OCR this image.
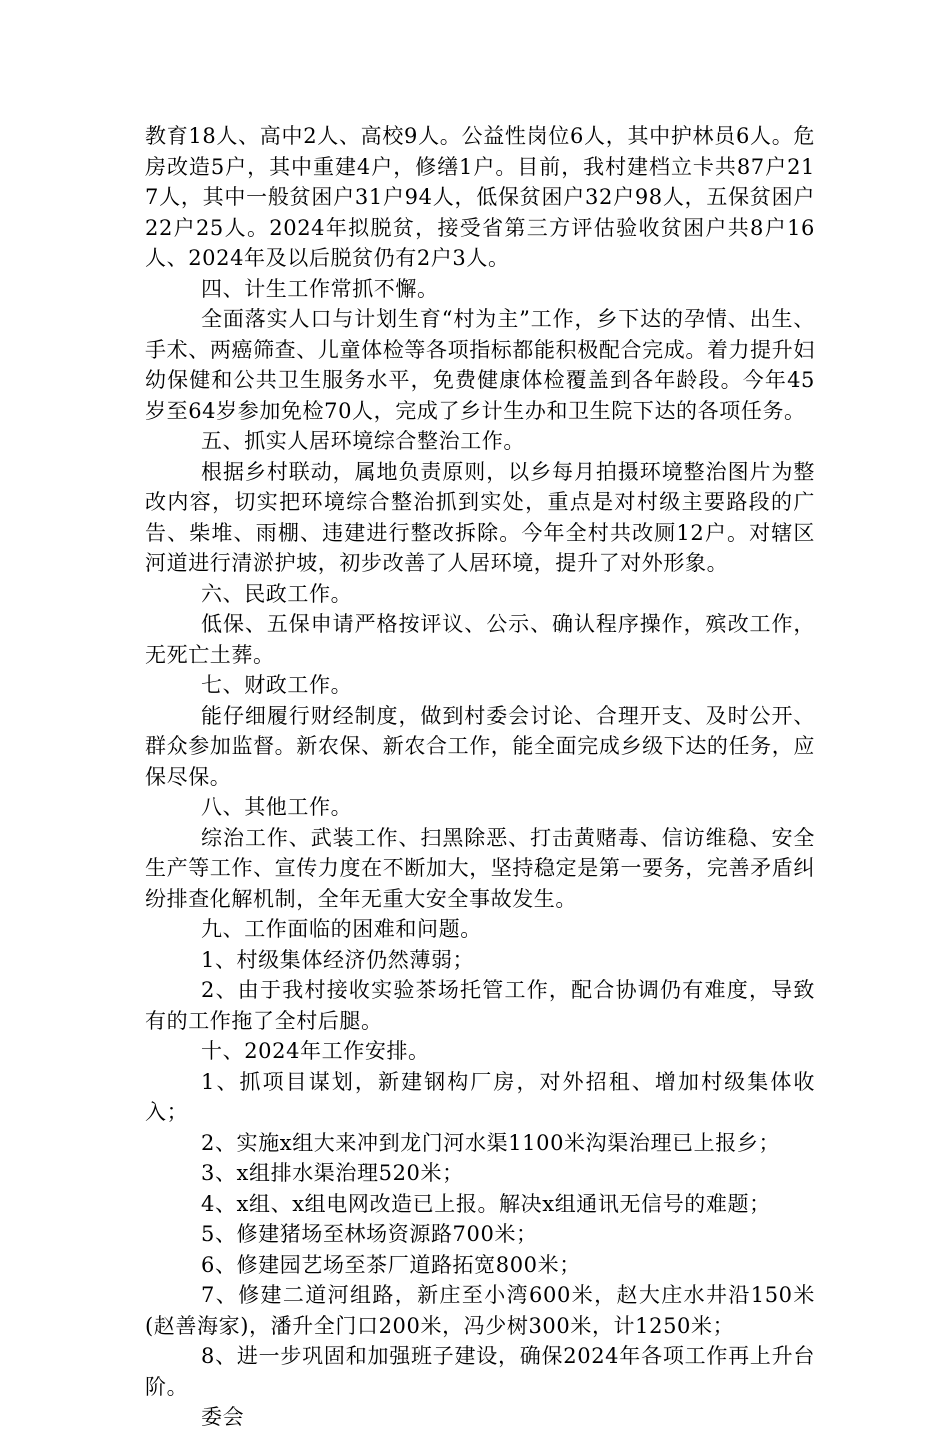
教育18人、高中2人、高校9人。公益性岗位6人，其中护林员6人。危房改造5户，其中重建4户，修缮1户。目前，我村建档立卡共87户217人，其中一般贫困户31户94人，低保贫困户32户98人，五保贫困户22户25人。2024年拟脱贫，接受省第三方评估验收贫困户共8户16人、2024年及以后脱贫仍有2户3人。

四、计生工作常抓不懈。

全面落实人口与计划生育“村为主”工作，乡下达的孕情、出生、手术、两癌筛查、儿童体检等各项指标都能积极配合完成。着力提升妇幼保健和公共卫生服务水平，免费健康体检覆盖到各年龄段。今年45岁至64岁参加免检70人，完成了乡计生办和卫生院下达的各项任务。

五、抓实人居环境综合整治工作。

根据乡村联动，属地负责原则，以乡每月拍摄环境整治图片为整改内容，切实把环境综合整治抓到实处，重点是对村级主要路段的广告、柴堆、雨棚、违建进行整改拆除。今年全村共改厕12户。对辖区河道进行清淤护坡，初步改善了人居环境，提升了对外形象。

六、民政工作。

低保、五保申请严格按评议、公示、确认程序操作，殡改工作，无死亡土葬。

七、财政工作。

能仔细履行财经制度，做到村委会讨论、合理开支、及时公开、群众参加监督。新农保、新农合工作，能全面完成乡级下达的任务，应保尽保。

八、其他工作。

综治工作、武装工作、扫黑除恶、打击黄赌毒、信访维稳、安全生产等工作、宣传力度在不断加大，坚持稳定是第一要务，完善矛盾纠纷排查化解机制，全年无重大安全事故发生。

九、工作面临的困难和问题。

1、村级集体经济仍然薄弱；

2、由于我村接收实验茶场托管工作，配合协调仍有难度，导致有的工作拖了全村后腿。

十、2024年工作安排。

1、抓项目谋划，新建钢构厂房，对外招租、增加村级集体收入；

2、实施x组大来冲到龙门河水渠1100米沟渠治理已上报乡；

3、x组排水渠治理520米；

4、x组、x组电网改造已上报。解决x组通讯无信号的难题；

5、修建猪场至林场资源路700米；

6、修建园艺场至茶厂道路拓宽800米；

7、修建二道河组路，新庄至小湾600米，赵大庄水井沿150米(赵善海家)，潘升全门口200米，冯少树300米，计1250米；

8、进一步巩固和加强班子建设，确保2024年各项工作再上升台阶。

委会
